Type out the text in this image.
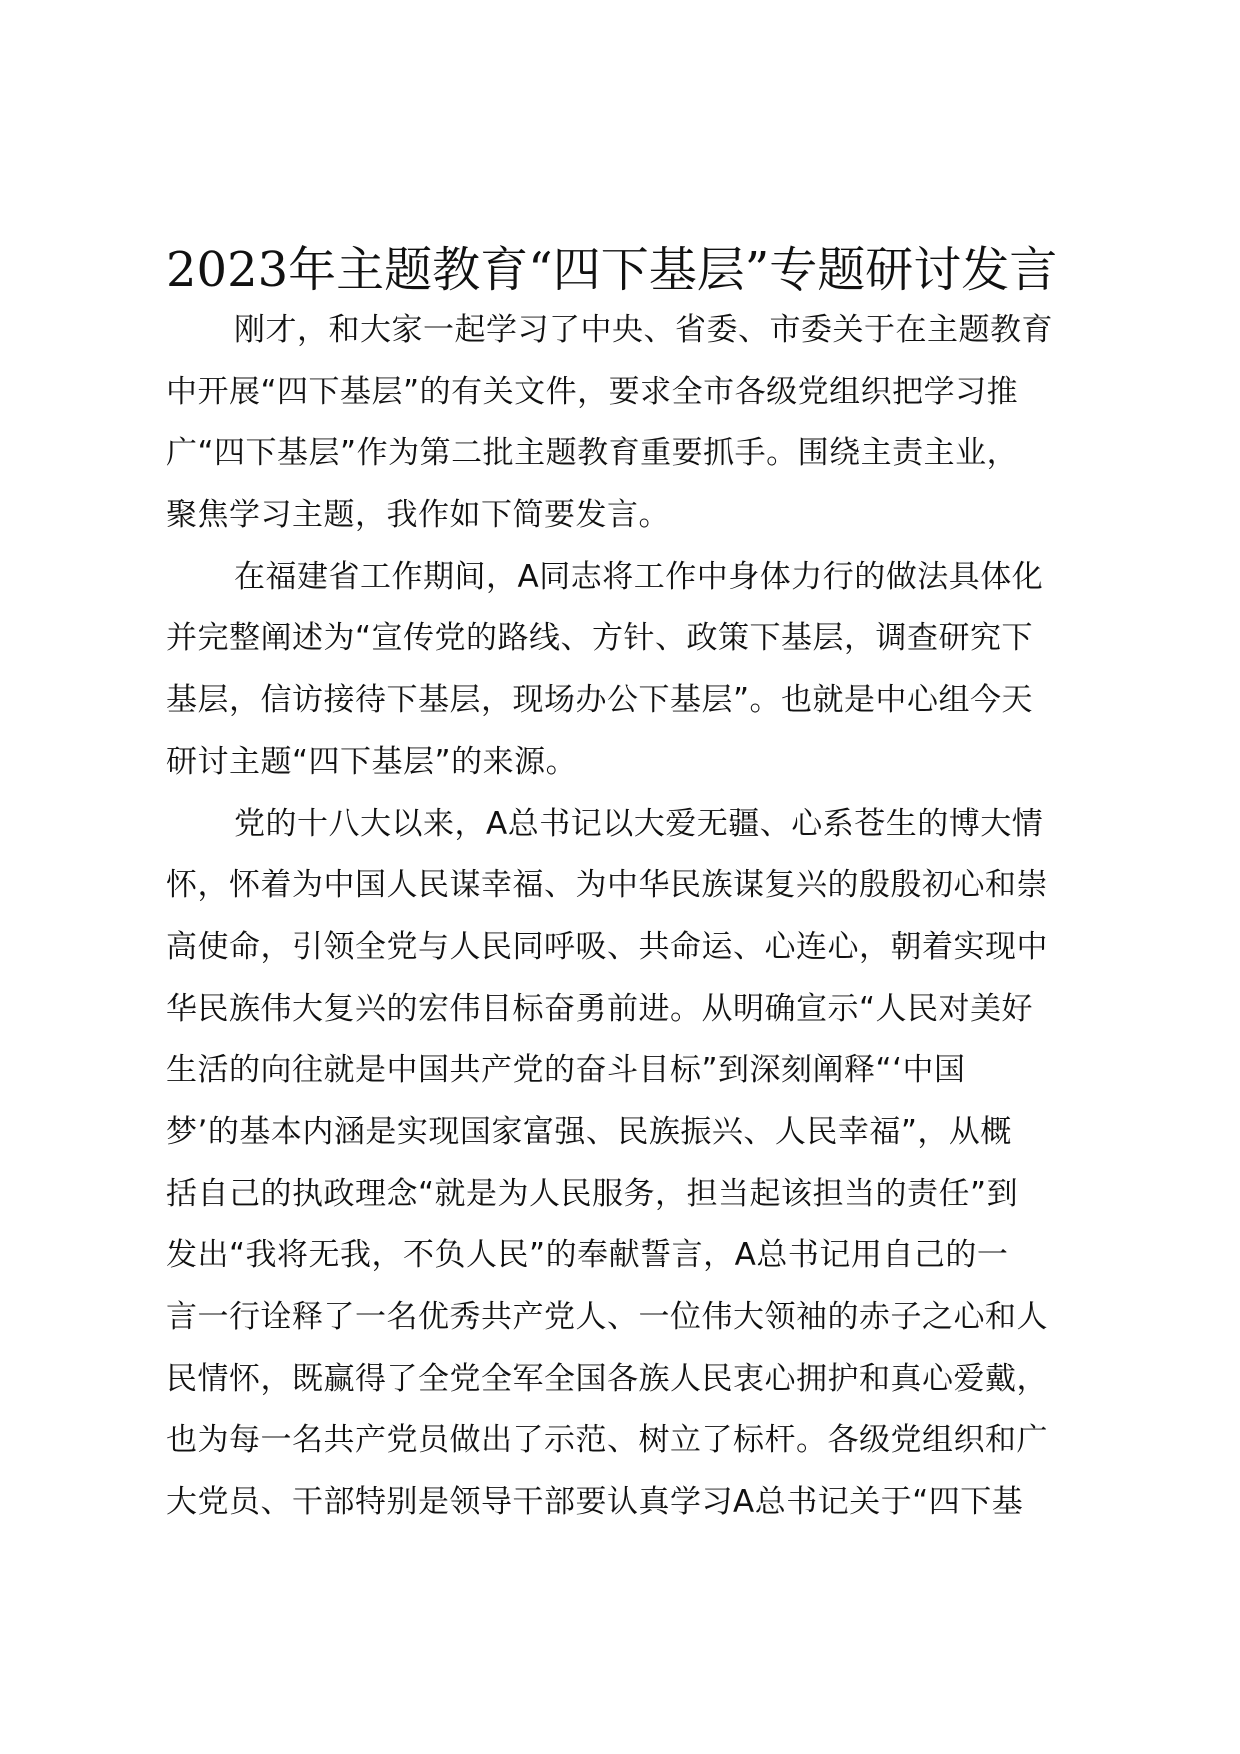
2023年主题教育“四下基层”专题研讨发言
刚才，和大家一起学习了中央、省委、市委关于在主题教育
中开展“四下基层”的有关文件，要求全市各级党组织把学习推
广“四下基层”作为第二批主题教育重要抓手。围绕主责主业，
聚焦学习主题，我作如下简要发言。
在福建省工作期间，A同志将工作中身体力行的做法具体化
并完整阐述为“宣传党的路线、方针、政策下基层，调查研究下
基层，信访接待下基层，现场办公下基层”。也就是中心组今天
研讨主题“四下基层”的来源。
党的十八大以来，A总书记以大爱无疆、心系苍生的博大情
怀，怀着为中国人民谋幸福、为中华民族谋复兴的殷殷初心和崇
高使命，引领全党与人民同呼吸、共命运、心连心，朝着实现中
华民族伟大复兴的宏伟目标奋勇前进。从明确宣示“人民对美好
生活的向往就是中国共产党的奋斗目标”到深刻阐释“‘中国
梦’的基本内涵是实现国家富强、民族振兴、人民幸福”，从概
括自己的执政理念“就是为人民服务，担当起该担当的责任”到
发出“我将无我，不负人民”的奉献誓言，A总书记用自己的一
言一行诠释了一名优秀共产党人、一位伟大领袖的赤子之心和人
民情怀，既赢得了全党全军全国各族人民衷心拥护和真心爱戴，
也为每一名共产党员做出了示范、树立了标杆。各级党组织和广
大党员、干部特别是领导干部要认真学习A总书记关于“四下基
